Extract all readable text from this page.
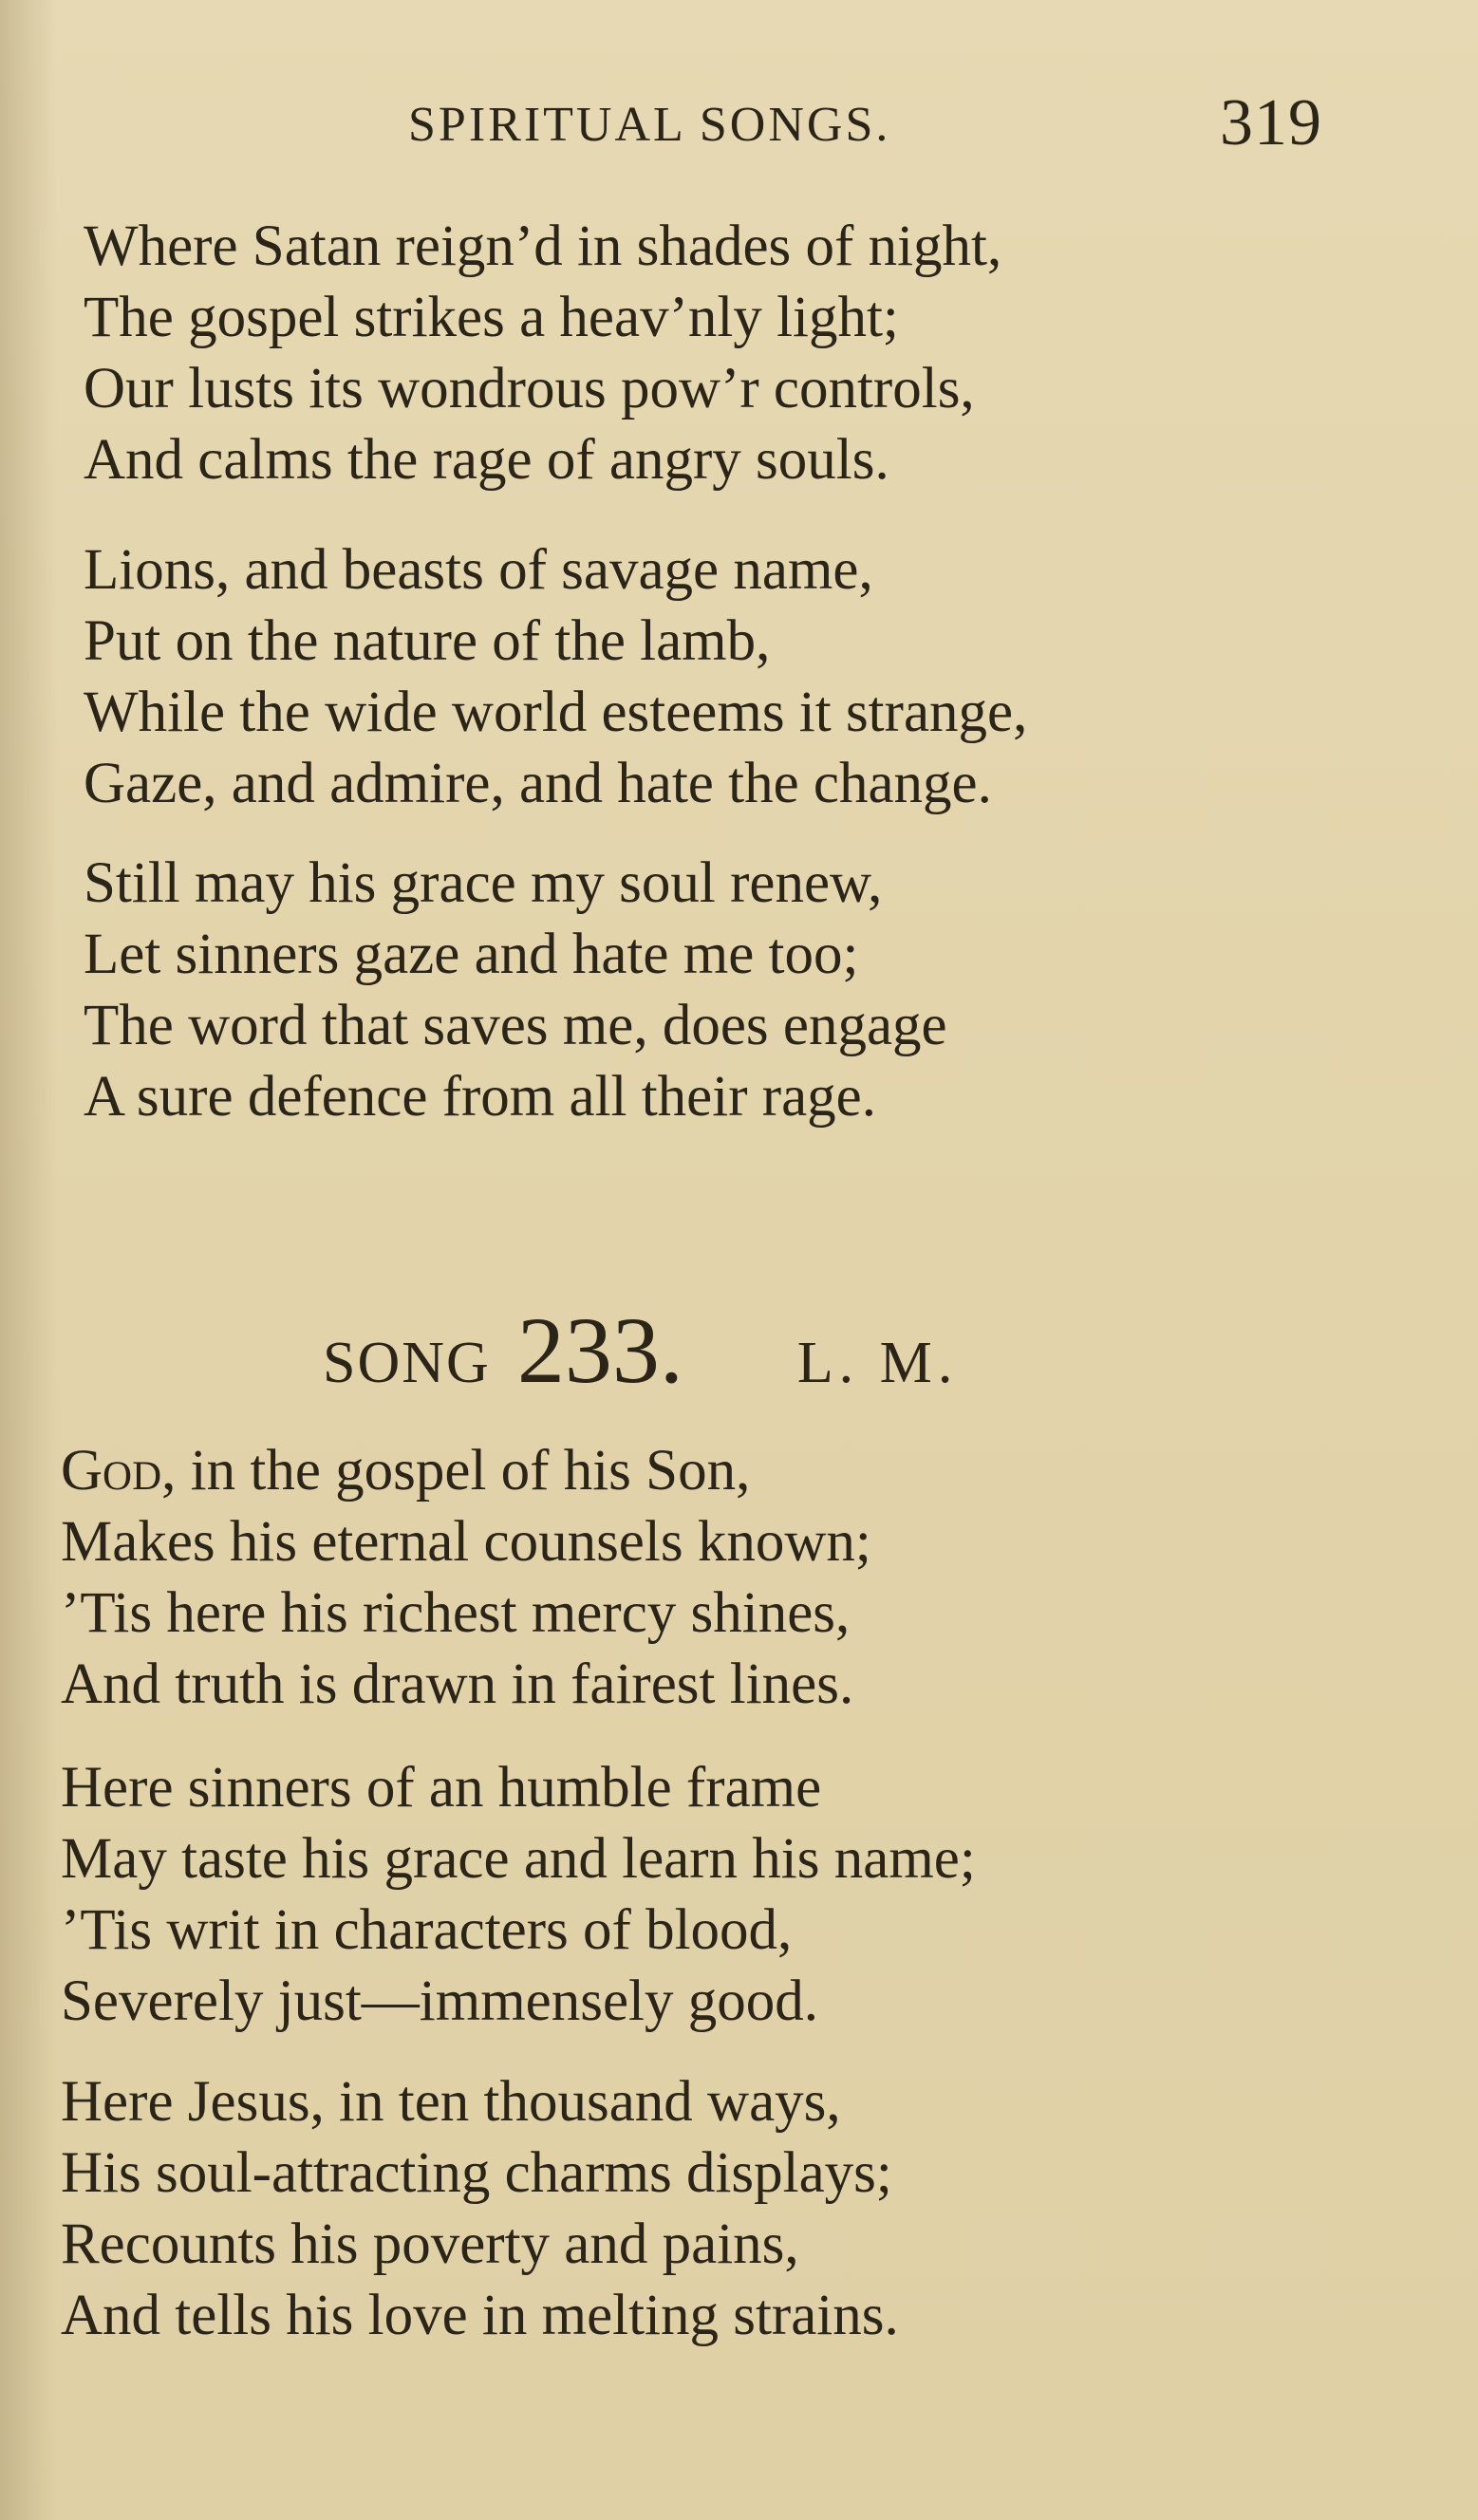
SPIRITUAL SONGS.	319
Where Satan reign’d in shades of night,
The gospel strikes a heav’nly light;
Our lusts its wondrous pow’r controls,
And calms the rage of angry souls.
Lions, and beasts of savage name,
Put on the nature of the lamb,
While the wide world esteems it strange,
Gaze, and admire, and hate the change.
Still may his grace my soul renew,
Let sinners gaze and hate me too;
The word that saves me, does engage
A sure defence from all their rage.
SONG 233. L. M.
God, in the gospel of his Son,
Makes his eternal counsels known;
’Tis here his richest mercy shines,
And truth is drawn in fairest lines.
Here sinners of an humble frame
May taste his grace and learn his name;
’Tis writ in characters of blood,
Severely just—immensely good.
Here Jesus, in ten thousand ways,
His soul-attracting charms displays;
Recounts his poverty and pains,
And tells his love in melting strains.
